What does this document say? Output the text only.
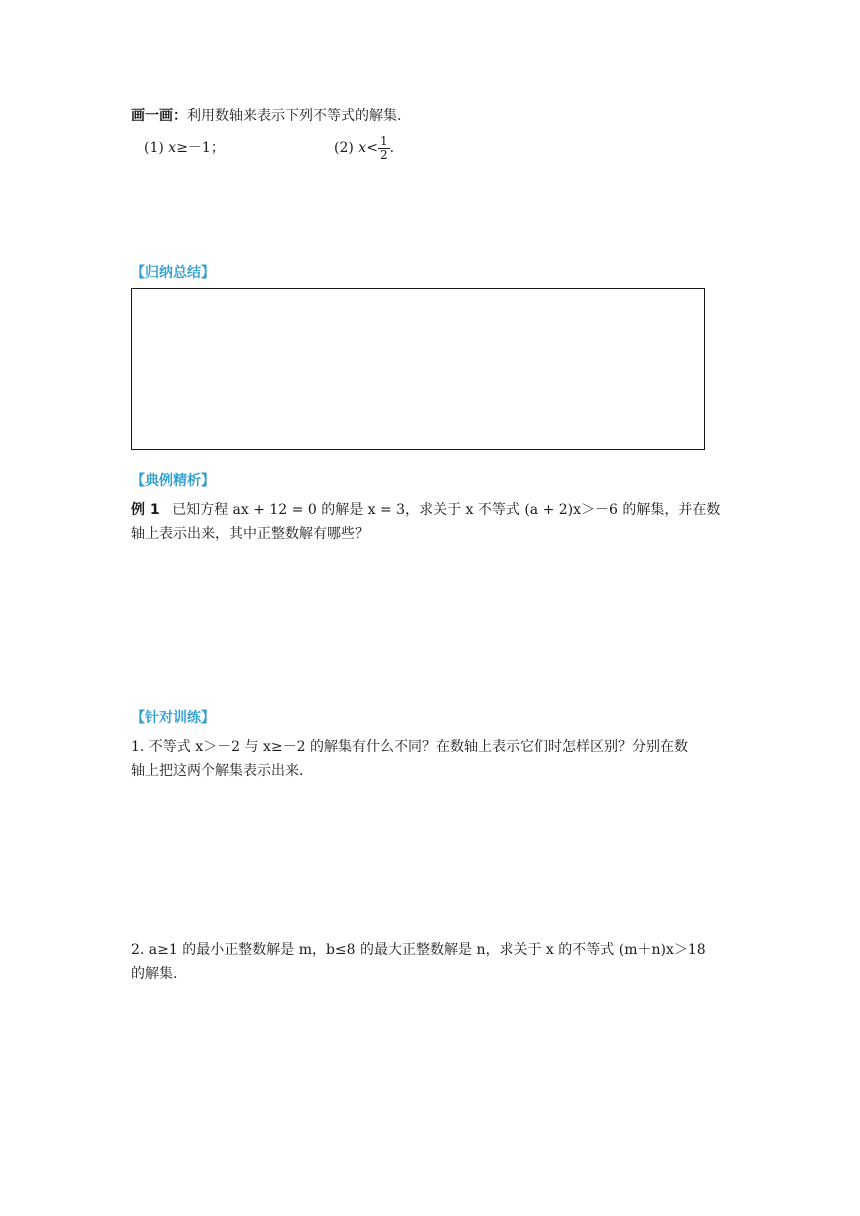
画一画：利用数轴来表示下列不等式的解集.
(1) x≥－1；	(2) $x< \frac{1}{2}$ .
【归纳总结】
【典例精析】
例 1 已知方程 ax + 12 = 0 的解是 x = 3，求关于 x 不等式 (a + 2)x＞－6 的解集，并在数
轴上表示出来，其中正整数解有哪些？
【针对训练】
1. 不等式 x＞－2 与 x≥－2 的解集有什么不同？在数轴上表示它们时怎样区别？分别在数
轴上把这两个解集表示出来.
2. a≥1 的最小正整数解是 m，b≤8 的最大正整数解是 n，求关于 x 的不等式 (m＋n)x＞18
的解集.
